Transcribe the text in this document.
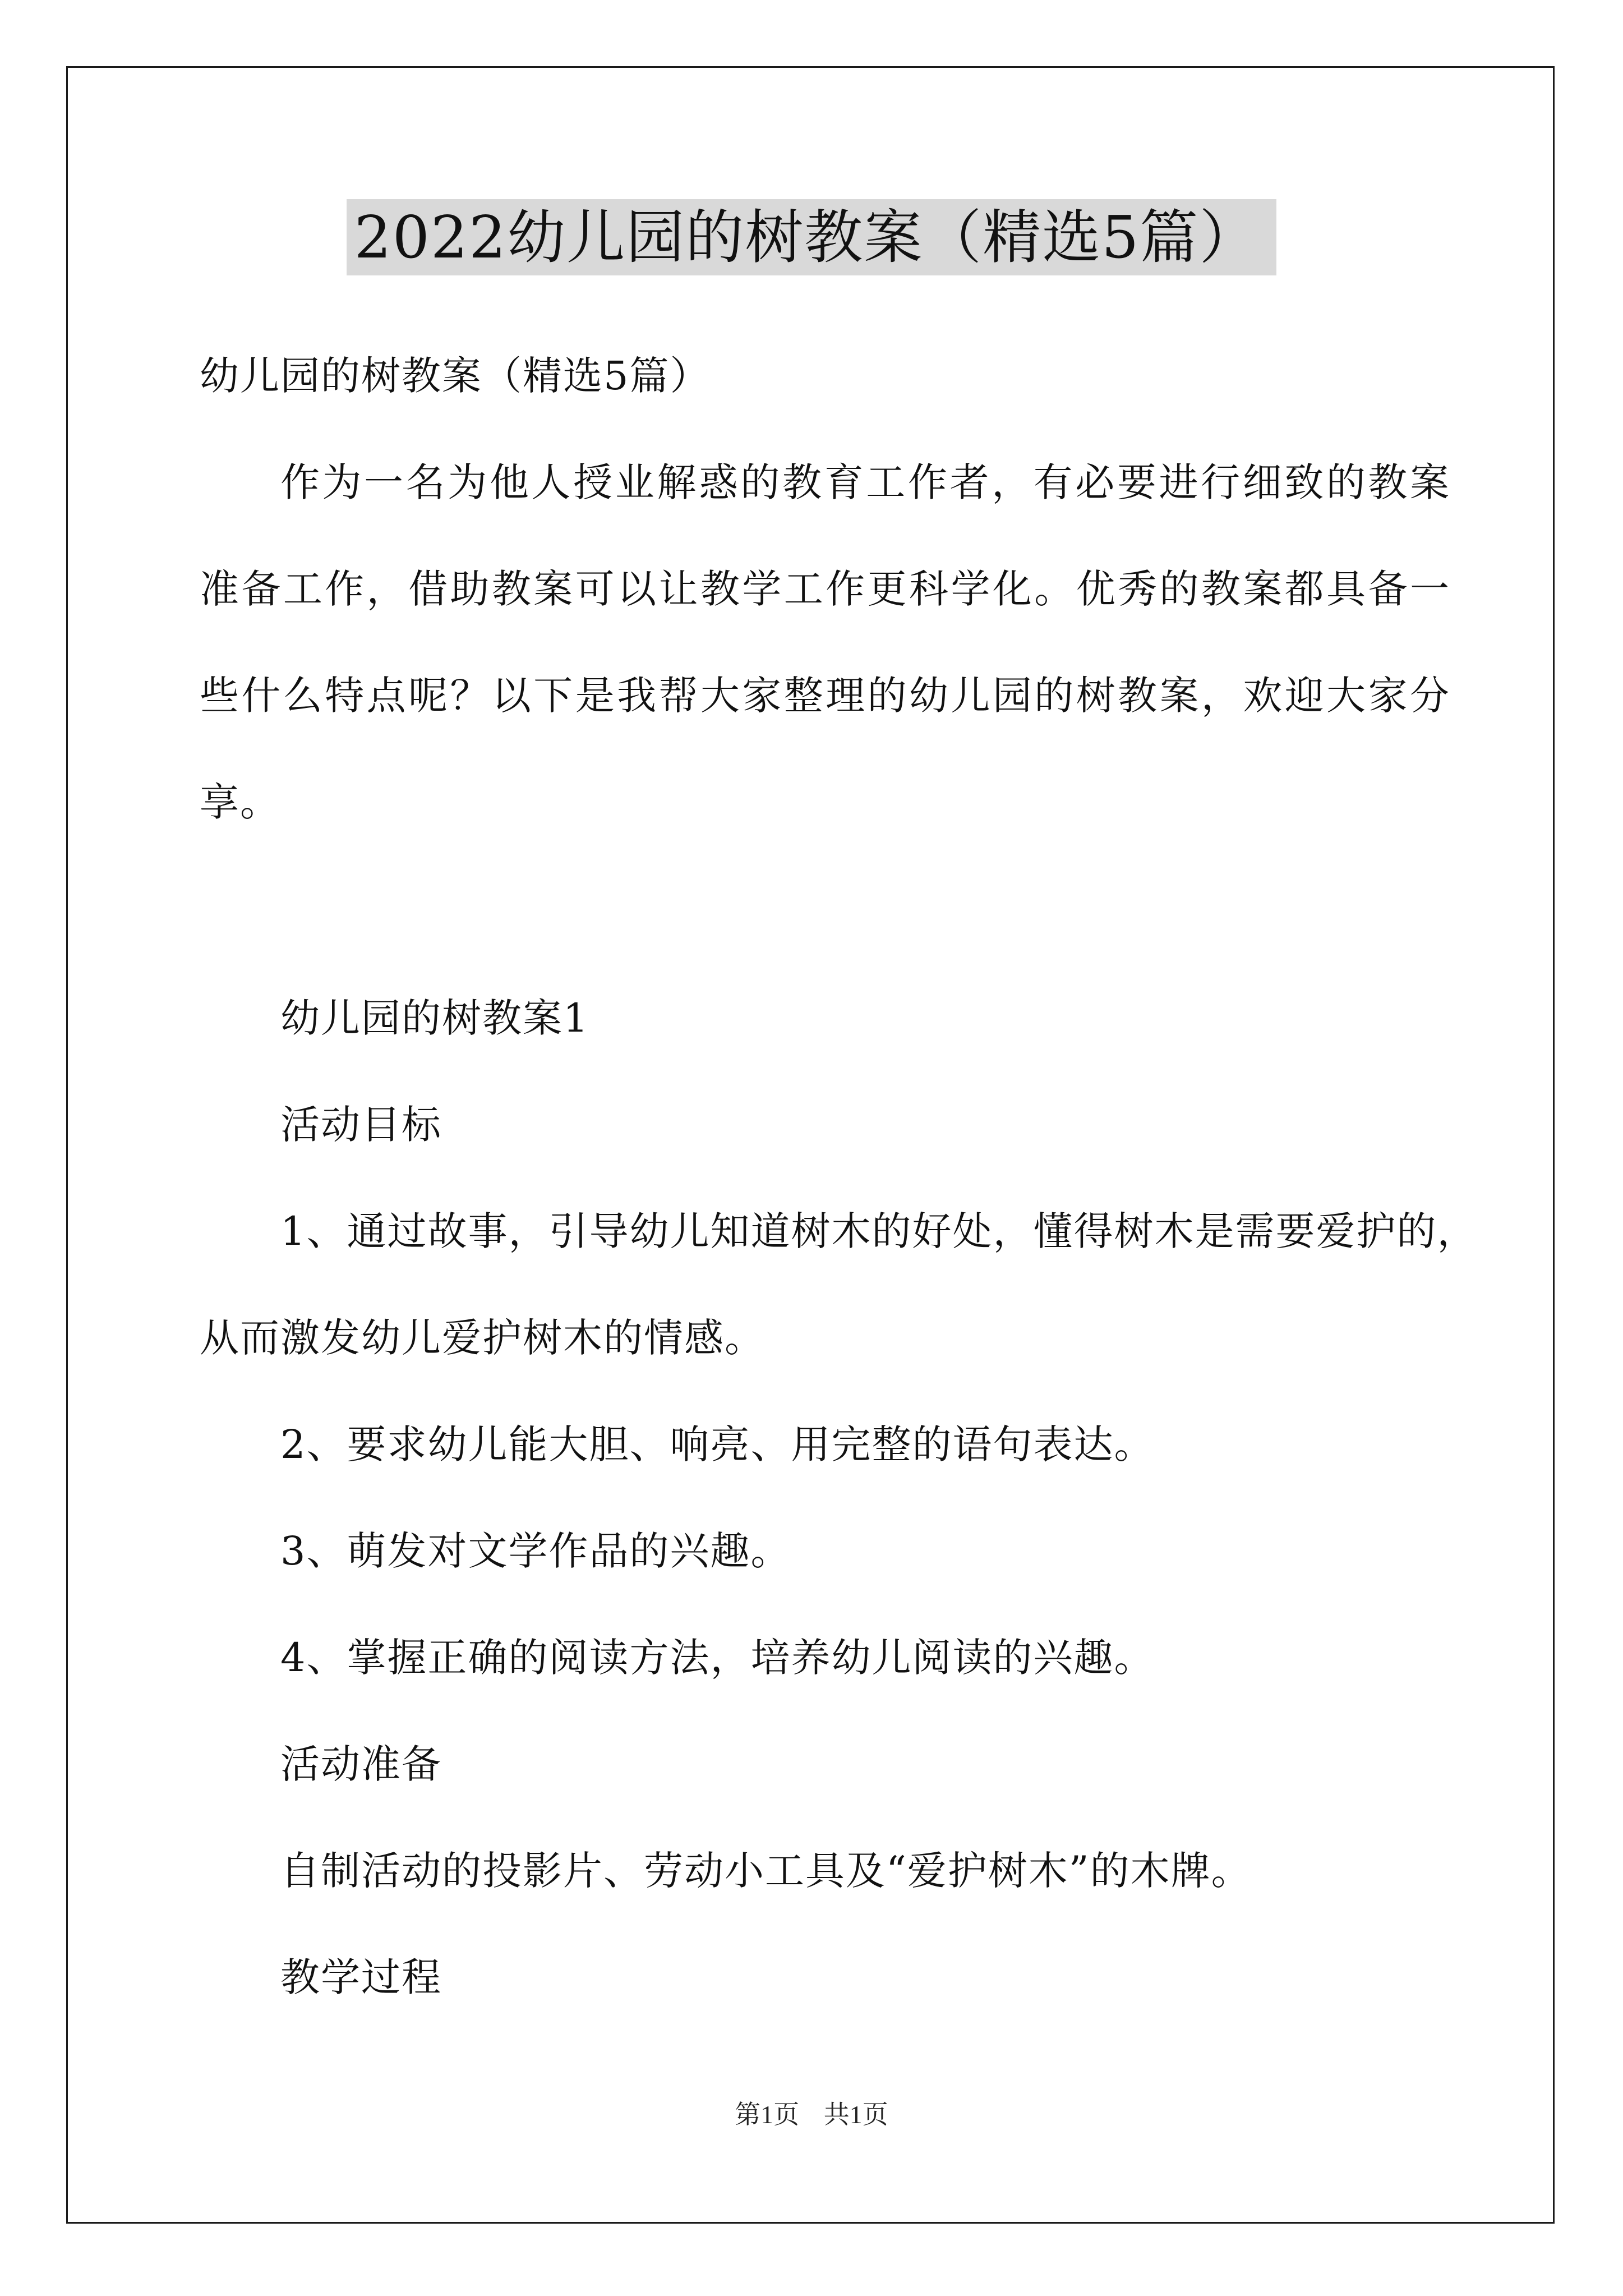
2022幼儿园的树教案（精选5篇）
幼儿园的树教案（精选5篇）
作为一名为他人授业解惑的教育工作者，有必要进行细致的教案
准备工作，借助教案可以让教学工作更科学化。优秀的教案都具备一
些什么特点呢？以下是我帮大家整理的幼儿园的树教案，欢迎大家分
享。
幼儿园的树教案1
活动目标
1、通过故事，引导幼儿知道树木的好处，懂得树木是需要爱护的，
从而激发幼儿爱护树木的情感。
2、要求幼儿能大胆、响亮、用完整的语句表达。
3、萌发对文学作品的兴趣。
4、掌握正确的阅读方法，培养幼儿阅读的兴趣。
活动准备
自制活动的投影片、劳动小工具及“爱护树木”的木牌。
教学过程
第1页 共1页
